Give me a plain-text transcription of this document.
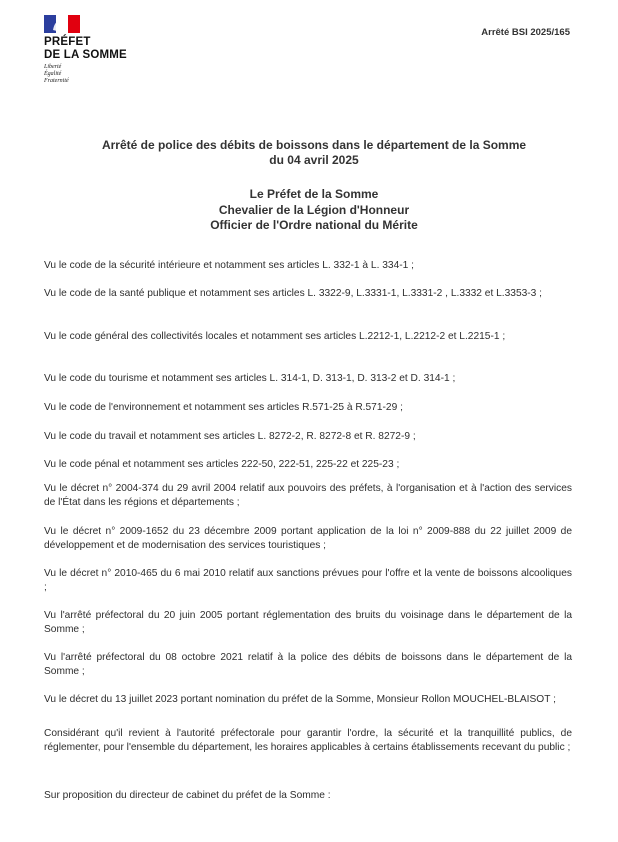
PRÉFET
DE LA SOMME
Liberté
Égalité
Fraternité
Arrêté BSI 2025/165
Arrêté de police des débits de boissons dans le département de la Somme
du 04 avril 2025
Le Préfet de la Somme
Chevalier de la Légion d'Honneur
Officier de l'Ordre national du Mérite
Vu le code de la sécurité intérieure et notamment ses articles L. 332-1 à L. 334-1 ;
Vu le code de la santé publique et notamment ses articles L. 3322-9, L.3331-1, L.3331-2 , L.3332 et L.3353-3 ;
Vu le code général des collectivités locales et notamment ses articles L.2212-1, L.2212-2 et L.2215-1 ;
Vu le code du tourisme et notamment ses articles L. 314-1, D. 313-1, D. 313-2 et D. 314-1 ;
Vu le code de l'environnement et notamment ses articles R.571-25 à R.571-29 ;
Vu le code du travail et notamment ses articles L. 8272-2, R. 8272-8 et R. 8272-9 ;
Vu le code pénal et notamment ses articles 222-50, 222-51, 225-22 et 225-23 ;
Vu le décret n° 2004-374 du 29 avril 2004 relatif aux pouvoirs des préfets, à l'organisation et à l'action des services de l'État dans les régions et départements ;
Vu le décret n° 2009-1652 du 23 décembre 2009 portant application de la loi n° 2009-888 du 22 juillet 2009 de développement et de modernisation des services touristiques ;
Vu le décret n° 2010-465 du 6 mai 2010 relatif aux sanctions prévues pour l'offre et la vente de boissons alcooliques ;
Vu l'arrêté préfectoral du 20 juin 2005 portant réglementation des bruits du voisinage dans le département de la Somme ;
Vu l'arrêté préfectoral du 08 octobre 2021 relatif à la police des débits de boissons dans le département de la Somme ;
Vu le décret du 13 juillet 2023 portant nomination du préfet de la Somme, Monsieur Rollon MOUCHEL-BLAISOT ;
Considérant qu'il revient à l'autorité préfectorale pour garantir l'ordre, la sécurité et la tranquillité publics, de réglementer, pour l'ensemble du département, les horaires applicables à certains établissements recevant du public ;
Sur proposition du directeur de cabinet du préfet de la Somme :
